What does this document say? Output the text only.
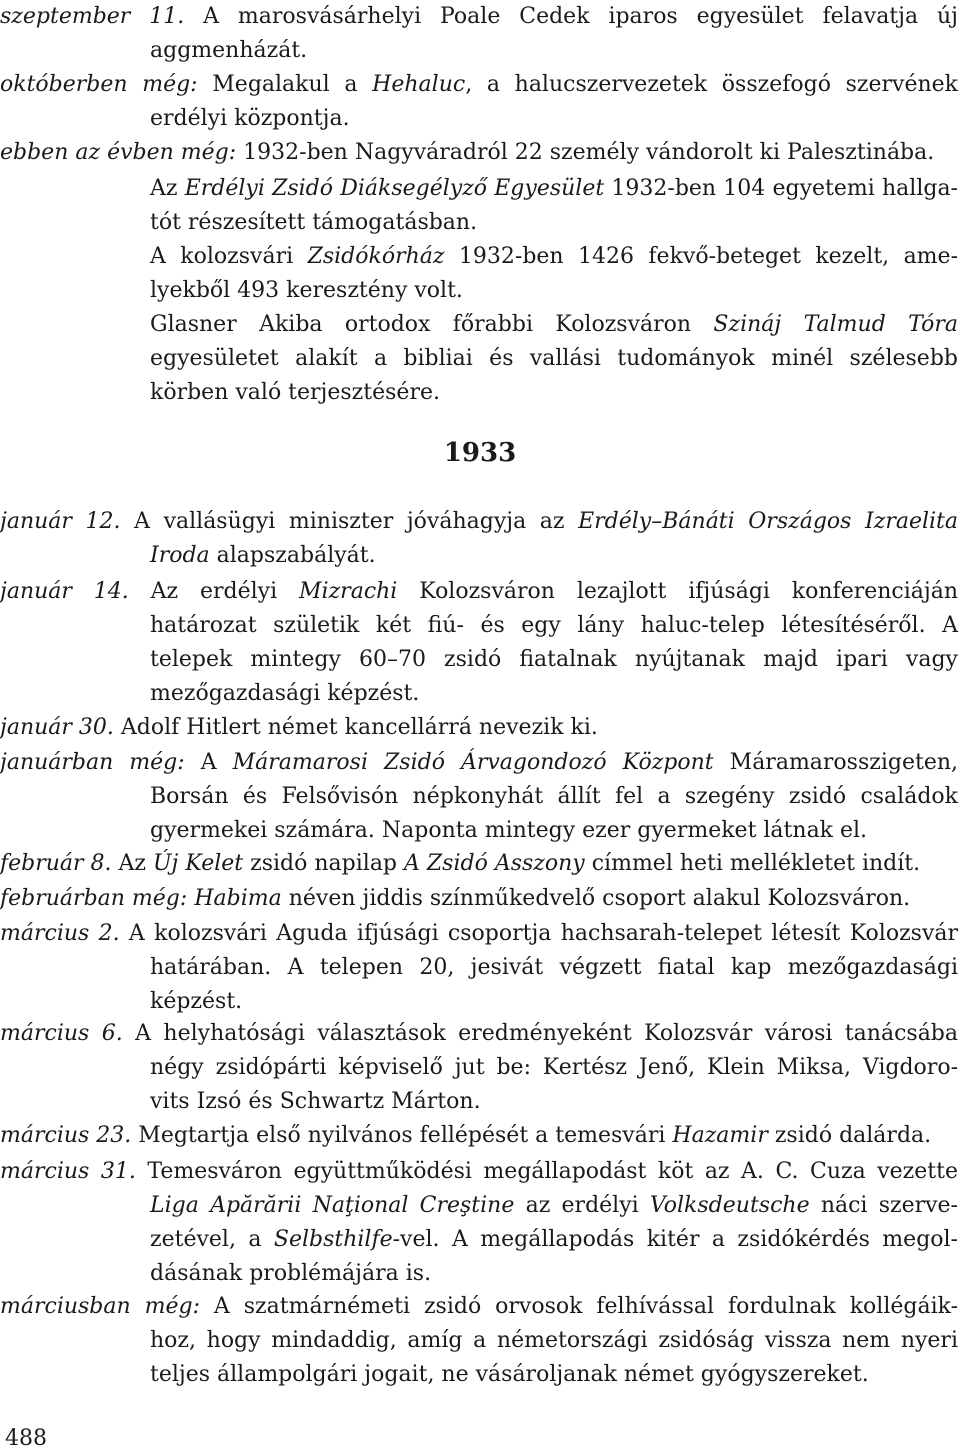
szeptember 11. A marosvásárhelyi Poale Cedek iparos egyesület felavatja új
aggmenházát.
októberben még: Megalakul a Hehaluc, a halucszervezetek összefogó szervének
erdélyi központja.
ebben az évben még: 1932-ben Nagyváradról 22 személy vándorolt ki Palesztinába.
Az Erdélyi Zsidó Diáksegélyző Egyesület 1932-ben 104 egyetemi hallga-
tót részesített támogatásban.
A kolozsvári Zsidókórház 1932-ben 1426 fekvő-beteget kezelt, ame-
lyekből 493 keresztény volt.
Glasner Akiba ortodox főrabbi Kolozsváron Szináj Talmud Tóra
egyesületet alakít a bibliai és vallási tudományok minél szélesebb
körben való terjesztésére.
január 12. A vallásügyi miniszter jóváhagyja az Erdély–Bánáti Országos Izraelita
Iroda alapszabályát.
január 14. Az erdélyi Mizrachi Kolozsváron lezajlott ifjúsági konferenciáján
határozat születik két fiú- és egy lány haluc-telep létesítéséről. A
telepek mintegy 60–70 zsidó fiatalnak nyújtanak majd ipari vagy
mezőgazdasági képzést.
január 30. Adolf Hitlert német kancellárrá nevezik ki.
januárban még: A Máramarosi Zsidó Árvagondozó Központ Máramarosszigeten,
Borsán és Felsővisón népkonyhát állít fel a szegény zsidó családok
gyermekei számára. Naponta mintegy ezer gyermeket látnak el.
február 8. Az Új Kelet zsidó napilap A Zsidó Asszony címmel heti mellékletet indít.
februárban még: Habima néven jiddis színműkedvelő csoport alakul Kolozsváron.
március 2. A kolozsvári Aguda ifjúsági csoportja hachsarah-telepet létesít Kolozsvár
határában. A telepen 20, jesivát végzett fiatal kap mezőgazdasági
képzést.
március 6. A helyhatósági választások eredményeként Kolozsvár városi tanácsába
négy zsidópárti képviselő jut be: Kertész Jenő, Klein Miksa, Vigdoro-
vits Izsó és Schwartz Márton.
március 23. Megtartja első nyilvános fellépését a temesvári Hazamir zsidó dalárda.
március 31. Temesváron együttműködési megállapodást köt az A. C. Cuza vezette
Liga Apărării Naţional Creştine az erdélyi Volksdeutsche náci szerve-
zetével, a Selbsthilfe-vel. A megállapodás kitér a zsidókérdés megol-
dásának problémájára is.
márciusban még: A szatmárnémeti zsidó orvosok felhívással fordulnak kollégáik-
hoz, hogy mindaddig, amíg a németországi zsidóság vissza nem nyeri
teljes állampolgári jogait, ne vásároljanak német gyógyszereket.
1933
488
